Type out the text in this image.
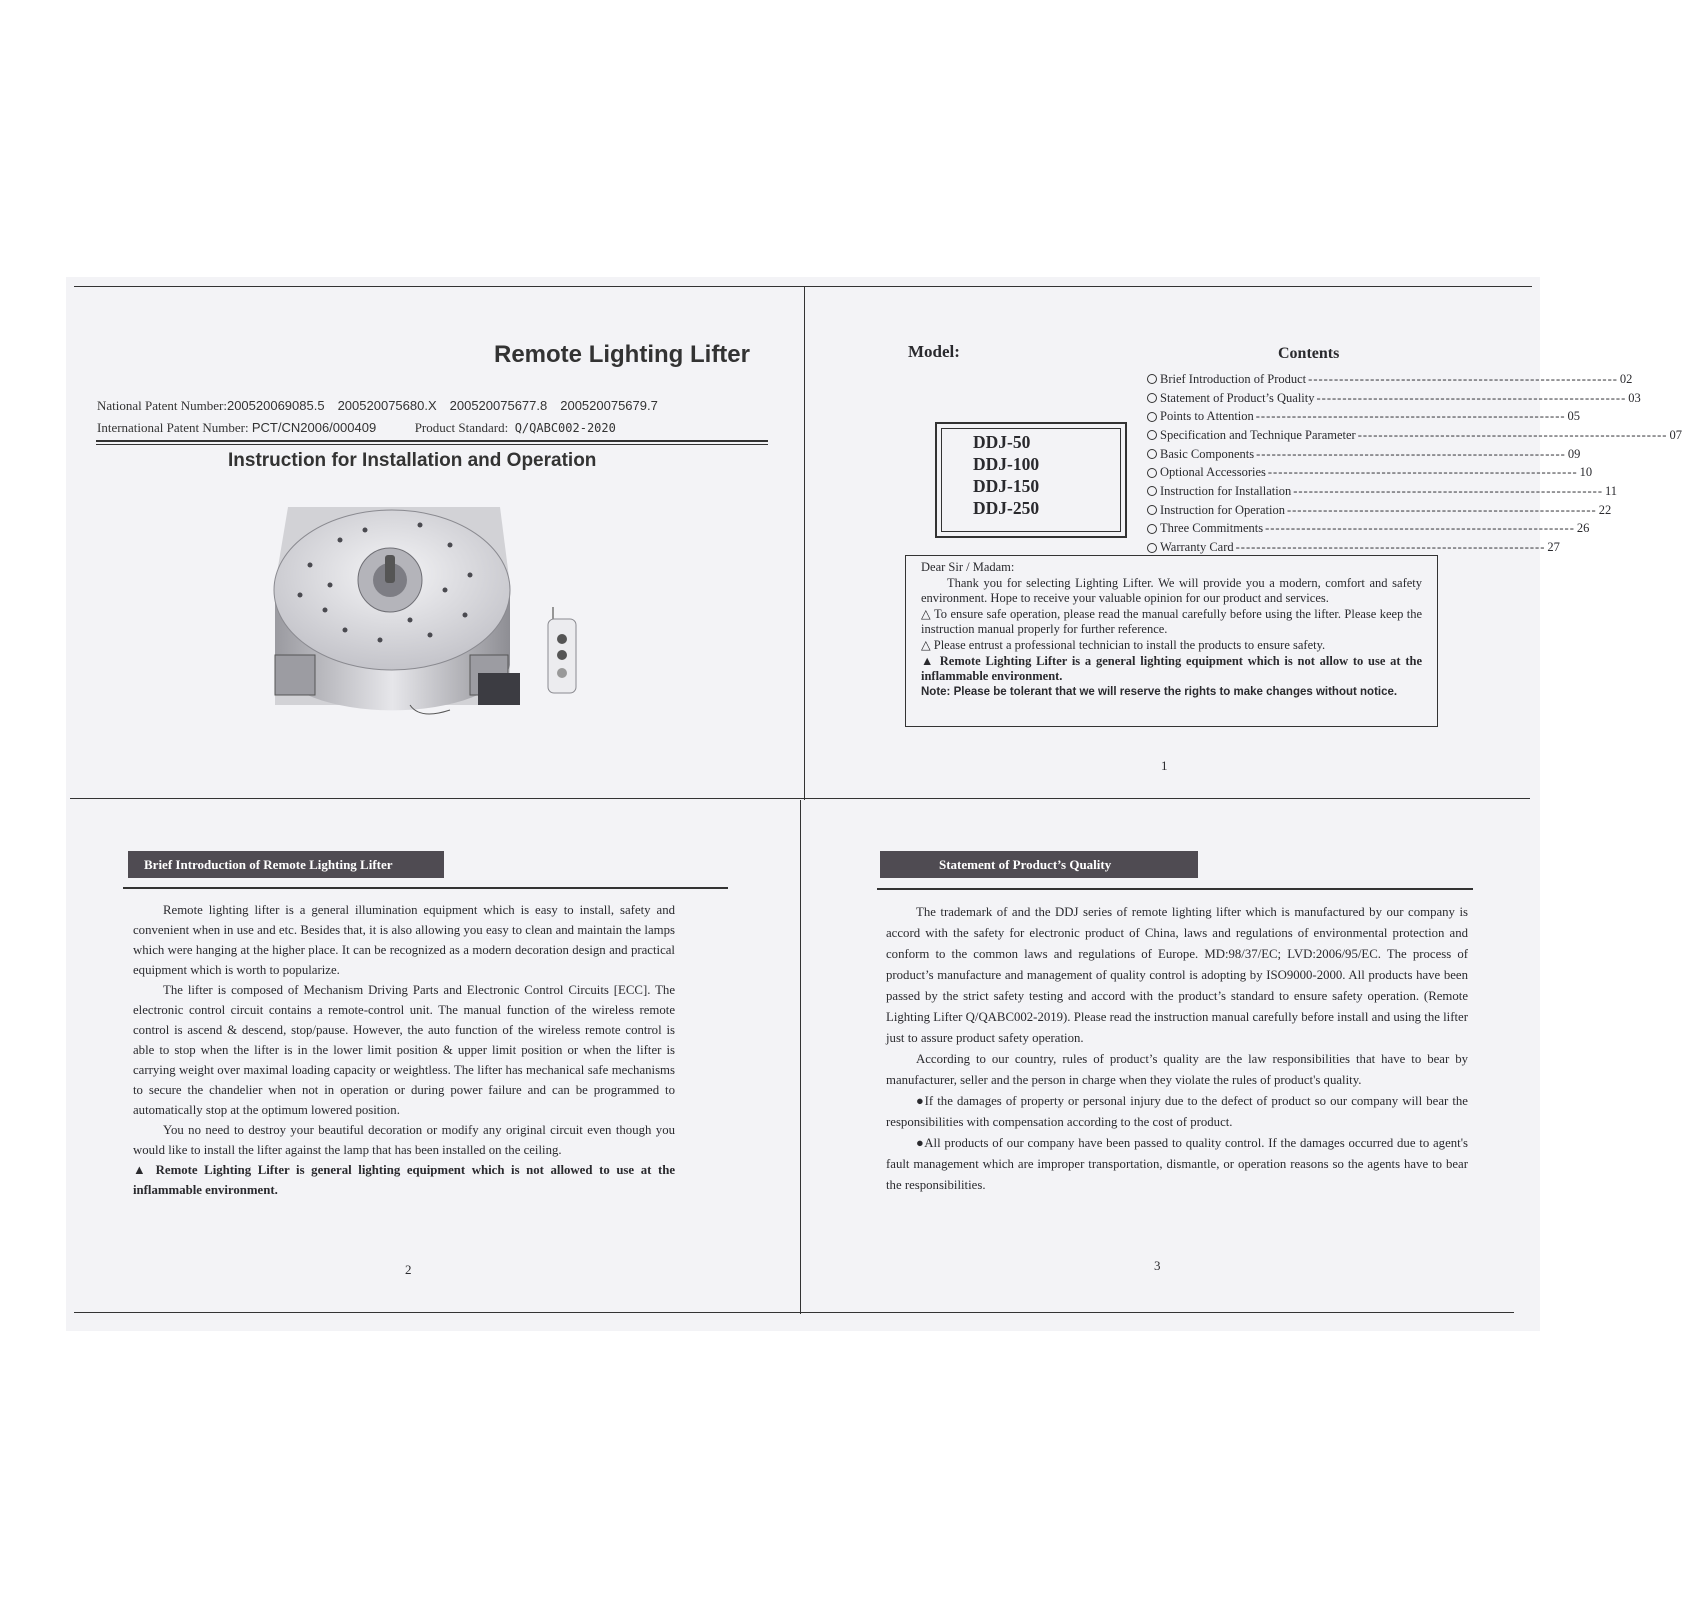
Remote Lighting Lifter
National Patent Number:200520069085.5 200520075680.X 200520075677.8 200520075679.7
International Patent Number: PCT/CN2006/000409	Product Standard: Q/QABC002-2020
Instruction for Installation and Operation
Model:	Contents
Brief Introduction of Product ------------------------------------------------------------ 02
Statement of Product’s Quality ------------------------------------------------------------ 03
Points to Attention ------------------------------------------------------------ 05
Specification and Technique Parameter ------------------------------------------------------------ 07
Basic Components ------------------------------------------------------------ 09
Optional Accessories ------------------------------------------------------------ 10
Instruction for Installation ------------------------------------------------------------ 11
Instruction for Operation ------------------------------------------------------------ 22
Three Commitments ------------------------------------------------------------ 26
Warranty Card ------------------------------------------------------------ 27
DDJ-50
DDJ-100
DDJ-150
DDJ-250

Dear Sir / Madam:

Thank you for selecting Lighting Lifter. We will provide you a modern, comfort and safety environment. Hope to receive your valuable opinion for our product and services.

△ To ensure safe operation, please read the manual carefully before using the lifter. Please keep the instruction manual properly for further reference.

△ Please entrust a professional technician to install the products to ensure safety.

▲ Remote Lighting Lifter is a general lighting equipment which is not allow to use at the inflammable environment.

Note: Please be tolerant that we will reserve the rights to make changes without notice.

1
Brief Introduction of Remote Lighting Lifter

Remote lighting lifter is a general illumination equipment which is easy to install, safety and convenient when in use and etc. Besides that, it is also allowing you easy to clean and maintain the lamps which were hanging at the higher place. It can be recognized as a modern decoration design and practical equipment which is worth to popularize.

The lifter is composed of Mechanism Driving Parts and Electronic Control Circuits [ECC]. The electronic control circuit contains a remote-control unit. The manual function of the wireless remote control is ascend & descend, stop/pause. However, the auto function of the wireless remote control is able to stop when the lifter is in the lower limit position & upper limit position or when the lifter is carrying weight over maximal loading capacity or weightless. The lifter has mechanical safe mechanisms to secure the chandelier when not in operation or during power failure and can be programmed to automatically stop at the optimum lowered position.

You no need to destroy your beautiful decoration or modify any original circuit even though you would like to install the lifter against the lamp that has been installed on the ceiling.

▲ Remote Lighting Lifter is general lighting equipment which is not allowed to use at the inflammable environment.

2
Statement of Product’s Quality

The trademark of and the DDJ series of remote lighting lifter which is manufactured by our company is accord with the safety for electronic product of China, laws and regulations of environmental protection and conform to the common laws and regulations of Europe. MD:98/37/EC; LVD:2006/95/EC. The process of product’s manufacture and management of quality control is adopting by ISO9000-2000. All products have been passed by the strict safety testing and accord with the product’s standard to ensure safety operation. (Remote Lighting Lifter Q/QABC002-2019). Please read the instruction manual carefully before install and using the lifter just to assure product safety operation.

According to our country, rules of product’s quality are the law responsibilities that have to bear by manufacturer, seller and the person in charge when they violate the rules of product's quality.

●If the damages of property or personal injury due to the defect of product so our company will bear the responsibilities with compensation according to the cost of product.

●All products of our company have been passed to quality control. If the damages occurred due to agent's fault management which are improper transportation, dismantle, or operation reasons so the agents have to bear the responsibilities.

3
